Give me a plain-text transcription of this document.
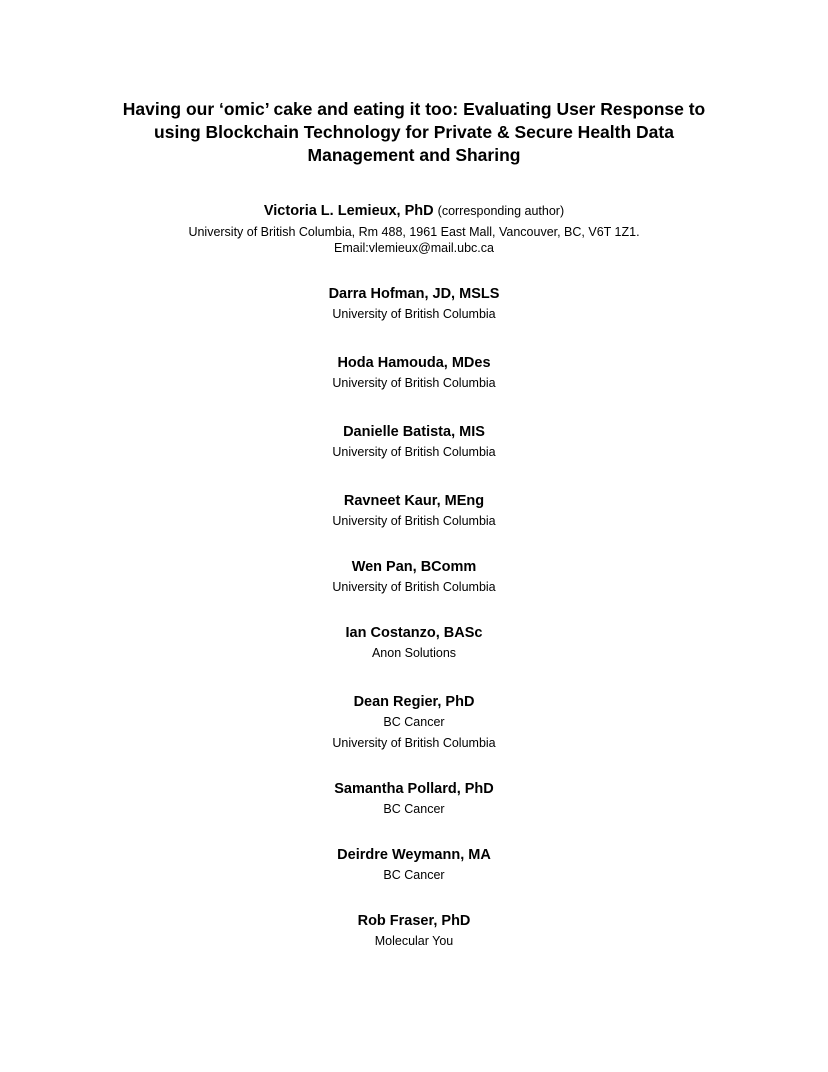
Having our ‘omic’ cake and eating it too: Evaluating User Response to
using Blockchain Technology for Private & Secure Health Data
Management and Sharing
Victoria L. Lemieux, PhD (corresponding author)
University of British Columbia, Rm 488, 1961 East Mall, Vancouver, BC, V6T 1Z1.
Email:vlemieux@mail.ubc.ca
Darra Hofman, JD, MSLS
University of British Columbia
Hoda Hamouda, MDes
University of British Columbia
Danielle Batista, MIS
University of British Columbia
Ravneet Kaur, MEng
University of British Columbia
Wen Pan, BComm
University of British Columbia
Ian Costanzo, BASc
Anon Solutions
Dean Regier, PhD
BC Cancer
University of British Columbia
Samantha Pollard, PhD
BC Cancer
Deirdre Weymann, MA
BC Cancer
Rob Fraser, PhD
Molecular You
